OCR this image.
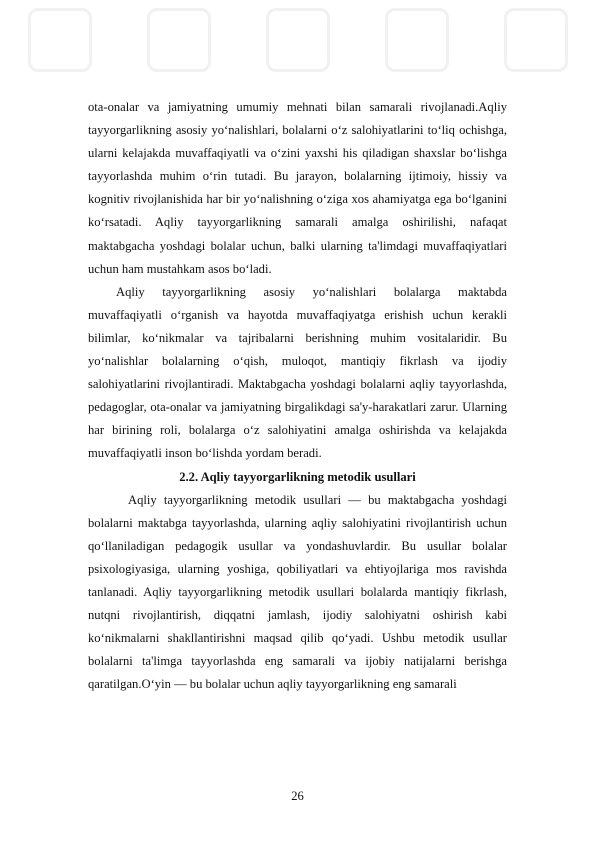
ota-onalar va jamiyatning umumiy mehnati bilan samarali rivojlanadi.Aqliy tayyorgarlikning asosiy yo‘nalishlari, bolalarni o‘z salohiyatlarini to‘liq ochishga, ularni kelajakda muvaffaqiyatli va o‘zini yaxshi his qiladigan shaxslar bo‘lishga tayyorlashda muhim o‘rin tutadi. Bu jarayon, bolalarning ijtimoiy, hissiy va kognitiv rivojlanishida har bir yo‘nalishning o‘ziga xos ahamiyatga ega bo‘lganini ko‘rsatadi. Aqliy tayyorgarlikning samarali amalga oshirilishi, nafaqat maktabgacha yoshdagi bolalar uchun, balki ularning ta'limdagi muvaffaqiyatlari uchun ham mustahkam asos bo‘ladi.

Aqliy tayyorgarlikning asosiy yo‘nalishlari bolalarga maktabda muvaffaqiyatli o‘rganish va hayotda muvaffaqiyatga erishish uchun kerakli bilimlar, ko‘nikmalar va tajribalarni berishning muhim vositalaridir. Bu yo‘nalishlar bolalarning o‘qish, muloqot, mantiqiy fikrlash va ijodiy salohiyatlarini rivojlantiradi. Maktabgacha yoshdagi bolalarni aqliy tayyorlashda, pedagoglar, ota-onalar va jamiyatning birgalikdagi sa'y-harakatlari zarur. Ularning har birining roli, bolalarga o‘z salohiyatini amalga oshirishda va kelajakda muvaffaqiyatli inson bo‘lishda yordam beradi.

2.2. Aqliy tayyorgarlikning metodik usullari

Aqliy tayyorgarlikning metodik usullari — bu maktabgacha yoshdagi bolalarni maktabga tayyorlashda, ularning aqliy salohiyatini rivojlantirish uchun qo‘llaniladigan pedagogik usullar va yondashuvlardir. Bu usullar bolalar psixologiyasiga, ularning yoshiga, qobiliyatlari va ehtiyojlariga mos ravishda tanlanadi. Aqliy tayyorgarlikning metodik usullari bolalarda mantiqiy fikrlash, nutqni rivojlantirish, diqqatni jamlash, ijodiy salohiyatni oshirish kabi ko‘nikmalarni shakllantirishni maqsad qilib qo‘yadi. Ushbu metodik usullar bolalarni ta'limga tayyorlashda eng samarali va ijobiy natijalarni berishga qaratilgan.O‘yin — bu bolalar uchun aqliy tayyorgarlikning eng samarali

26
